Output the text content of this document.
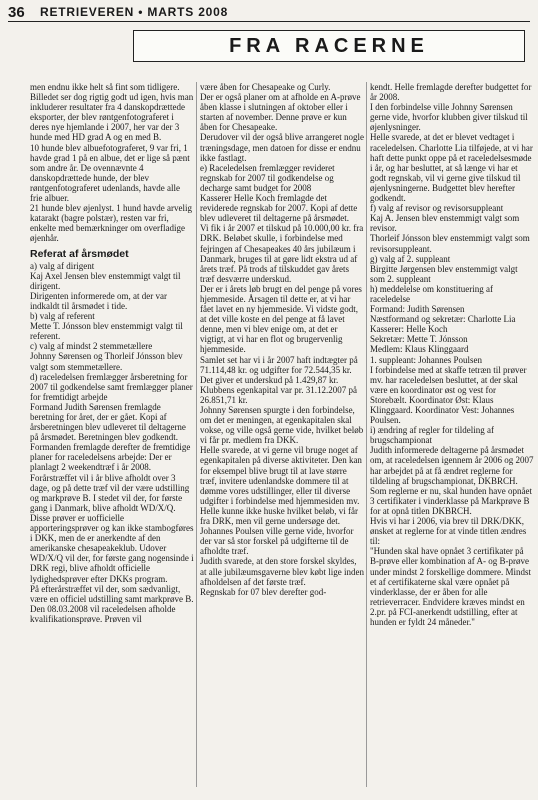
36	RETRIEVEREN • MARTS 2008
FRA RACERNE

men endnu ikke helt så fint som tidligere. Billedet ser dog rigtig godt ud igen, hvis man inkluderer resultater fra 4 danskopdrættede eksporter, der blev røntgenfotograferet i deres nye hjemlande i 2007, her var der 3 hunde med HD grad A og en med B.

10 hunde blev albuefotograferet, 9 var fri, 1 havde grad 1 på en albue, det er lige så pænt som andre år. De ovennævnte 4 danskopdrættede hunde, der blev røntgenfotograferet udenlands, havde alle frie albuer.

21 hunde blev øjenlyst. 1 hund havde arvelig katarakt (bagre polstær), resten var fri, enkelte med bemærkninger om overfladige øjenhår.

Referat af årsmødet

a) valg af dirigent

Kaj Axel Jensen blev enstemmigt valgt til dirigent.

Dirigenten informerede om, at der var indkaldt til årsmødet i tide.

b) valg af referent

Mette T. Jónsson blev enstemmigt valgt til referent.

c) valg af mindst 2 stemmetællere

Johnny Sørensen og Thorleif Jónsson blev valgt som stemmetællere.

d) raceledelsen fremlægger årsberetning for 2007 til godkendelse samt fremlægger planer for fremtidigt arbejde

Formand Judith Sørensen fremlagde beretning for året, der er gået. Kopi af årsberetningen blev udleveret til deltagerne på årsmødet. Beretningen blev godkendt. Formanden fremlagde derefter de fremtidige planer for raceledelsens arbejde: Der er planlagt 2 weekendtræf i år 2008. Forårstræffet vil i år blive afholdt over 3 dage, og på dette træf vil der være udstilling og markprøve B. I stedet vil der, for første gang i Danmark, blive afholdt WD/X/Q. Disse prøver er uofficielle apporteringsprøver og kan ikke stambogføres i DKK, men de er anerkendte af den amerikanske chesapeakeklub. Udover WD/X/Q vil der, for første gang nogensinde i DRK regi, blive afholdt officielle lydighedsprøver efter DKKs program.

På efterårstræffet vil der, som sædvanligt, være en officiel udstilling samt markprøve B.

Den 08.03.2008 vil raceledelsen afholde kvalifikationsprøve. Prøven vil

være åben for Chesapeake og Curly.

Der er også planer om at afholde en A-prøve åben klasse i slutningen af oktober eller i starten af november. Denne prøve er kun åben for Chesapeake.

Derudover vil der også blive arrangeret nogle træningsdage, men datoen for disse er endnu ikke fastlagt.

e) Raceledelsen fremlægger revideret regnskab for 2007 til godkendelse og decharge samt budget for 2008

Kasserer Helle Koch fremlagde det reviderede regnskab for 2007. Kopi af dette blev udleveret til deltagerne på årsmødet.

Vi fik i år 2007 et tilskud på 10.000,00 kr. fra DRK. Beløbet skulle, i forbindelse med fejringen af Chesapeakes 40 års jubilæum i Danmark, bruges til at gøre lidt ekstra ud af årets træf. På trods af tilskuddet gav årets træf desværre underskud.

Der er i årets løb brugt en del penge på vores hjemmeside. Årsagen til dette er, at vi har fået lavet en ny hjemmeside. Vi vidste godt, at det ville koste en del penge at få lavet denne, men vi blev enige om, at det er vigtigt, at vi har en flot og brugervenlig hjemmeside.

Samlet set har vi i år 2007 haft indtægter på 71.114,48 kr. og udgifter for 72.544,35 kr. Det giver et underskud på 1.429,87 kr.

Klubbens egenkapital var pr. 31.12.2007 på 26.851,71 kr.

Johnny Sørensen spurgte i den forbindelse, om det er meningen, at egenkapitalen skal vokse, og ville også gerne vide, hvilket beløb vi får pr. medlem fra DKK.

Helle svarede, at vi gerne vil bruge noget af egenkapitalen på diverse aktiviteter. Den kan for eksempel blive brugt til at lave større træf, invitere udenlandske dommere til at dømme vores udstillinger, eller til diverse udgifter i forbindelse med hjemmesiden mv. Helle kunne ikke huske hvilket beløb, vi får fra DRK, men vil gerne undersøge det.

Johannes Poulsen ville gerne vide, hvorfor der var så stor forskel på udgifterne til de afholdte træf.

Judith svarede, at den store forskel skyldes, at alle jubilæumsgaverne blev købt lige inden afholdelsen af det første træf.

Regnskab for 07 blev derefter god-

kendt. Helle fremlagde derefter budgettet for år 2008.

I den forbindelse ville Johnny Sørensen gerne vide, hvorfor klubben giver tilskud til øjenlysninger.

Helle svarede, at det er blevet vedtaget i raceledelsen. Charlotte Lia tilføjede, at vi har haft dette punkt oppe på et raceledelsesmøde i år, og har besluttet, at så længe vi har et godt regnskab, vil vi gerne give tilskud til øjenlysningerne. Budgettet blev herefter godkendt.

f) valg af revisor og revisorsuppleant

Kaj A. Jensen blev enstemmigt valgt som revisor.

Thorleif Jónsson blev enstemmigt valgt som revisorsuppleant.

g) valg af 2. suppleant

Birgitte Jørgensen blev enstemmigt valgt som 2. suppleant

h) meddelelse om konstituering af raceledelse

Formand: Judith Sørensen

Næstformand og sekretær: Charlotte Lia

Kasserer: Helle Koch

Sekretær: Mette T. Jónsson

Medlem: Klaus Klinggaard

1. suppleant: Johannes Poulsen

I forbindelse med at skaffe tetræn til prøver mv. har raceledelsen besluttet, at der skal være en koordinator øst og vest for Storebælt. Koordinator Øst: Klaus Klinggaard. Koordinator Vest: Johannes Poulsen.

i) ændring af regler for tildeling af brugschampionat

Judith informerede deltagerne på årsmødet om, at raceledelsen igennem år 2006 og 2007 har arbejdet på at få ændret reglerne for tildeling af brugschampionat, DKBRCH.

Som reglerne er nu, skal hunden have opnået 3 certifikater i vinderklasse på Markprøve B for at opnå titlen DKBRCH.

Hvis vi har i 2006, via brev til DRK/DKK, ønsket at reglerne for at vinde titlen ændres til:

"Hunden skal have opnået 3 certifikater på B-prøve eller kombination af A- og B-prøve under mindst 2 forskellige dommere. Mindst et af certifikaterne skal være opnået på vinderklasse, der er åben for alle retrieverracer. Endvidere kræves mindst en 2.pr. på FCI-anerkendt udstilling, efter at hunden er fyldt 24 måneder."
